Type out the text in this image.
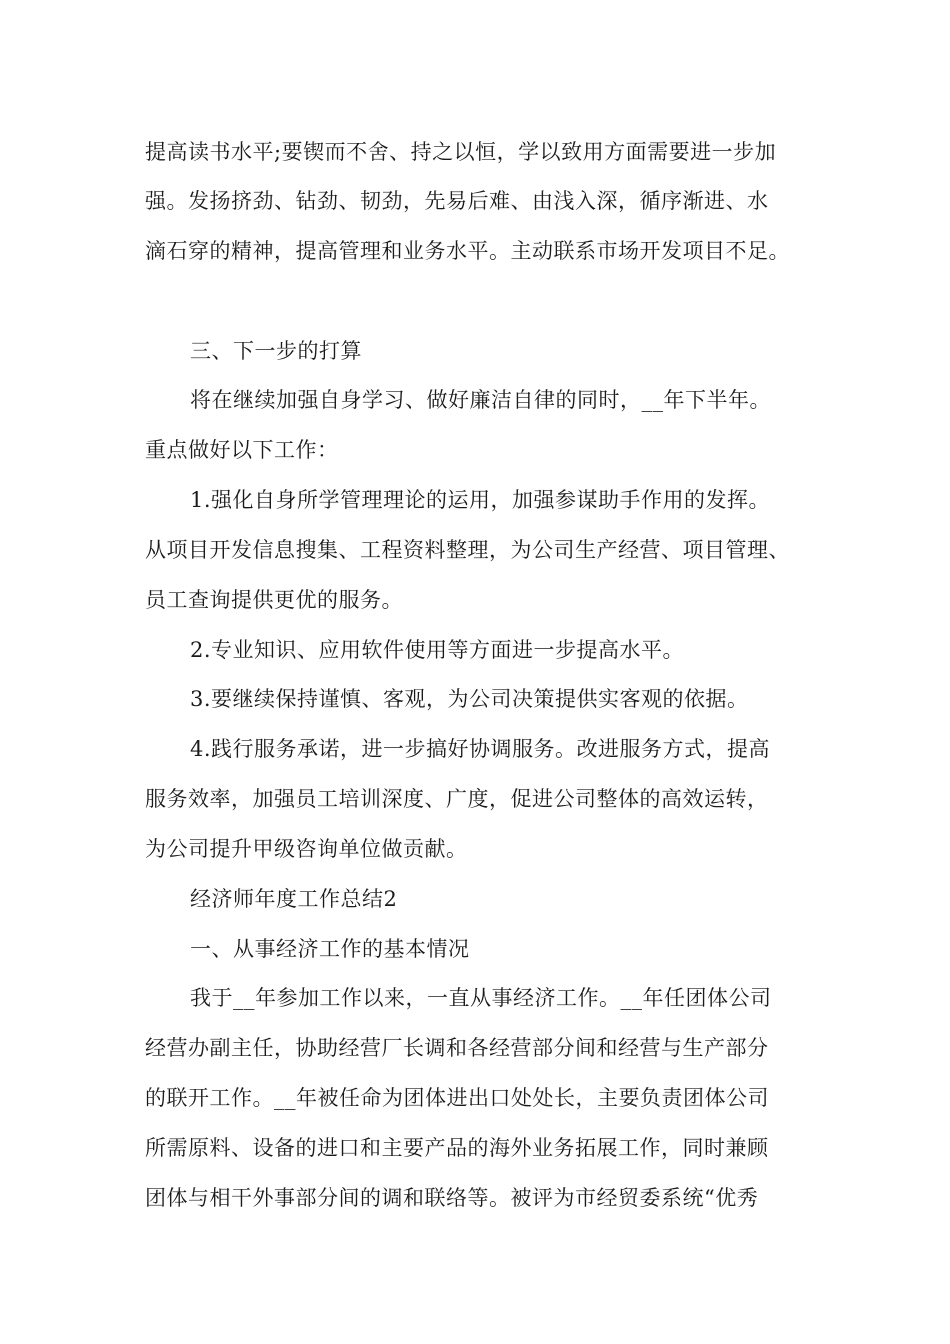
提高读书水平;要锲而不舍、持之以恒，学以致用方面需要进一步加
强。发扬挤劲、钻劲、韧劲，先易后难、由浅入深，循序渐进、水
滴石穿的精神，提高管理和业务水平。主动联系市场开发项目不足。
三、下一步的打算
将在继续加强自身学习、做好廉洁自律的同时，__年下半年。
重点做好以下工作：
1.强化自身所学管理理论的运用，加强参谋助手作用的发挥。
从项目开发信息搜集、工程资料整理，为公司生产经营、项目管理、
员工查询提供更优的服务。
2.专业知识、应用软件使用等方面进一步提高水平。
3.要继续保持谨慎、客观，为公司决策提供实客观的依据。
4.践行服务承诺，进一步搞好协调服务。改进服务方式，提高
服务效率，加强员工培训深度、广度，促进公司整体的高效运转，
为公司提升甲级咨询单位做贡献。
经济师年度工作总结2
一、从事经济工作的基本情况
我于__年参加工作以来，一直从事经济工作。__年任团体公司
经营办副主任，协助经营厂长调和各经营部分间和经营与生产部分
的联开工作。__年被任命为团体进出口处处长，主要负责团体公司
所需原料、设备的进口和主要产品的海外业务拓展工作，同时兼顾
团体与相干外事部分间的调和联络等。被评为市经贸委系统“优秀
